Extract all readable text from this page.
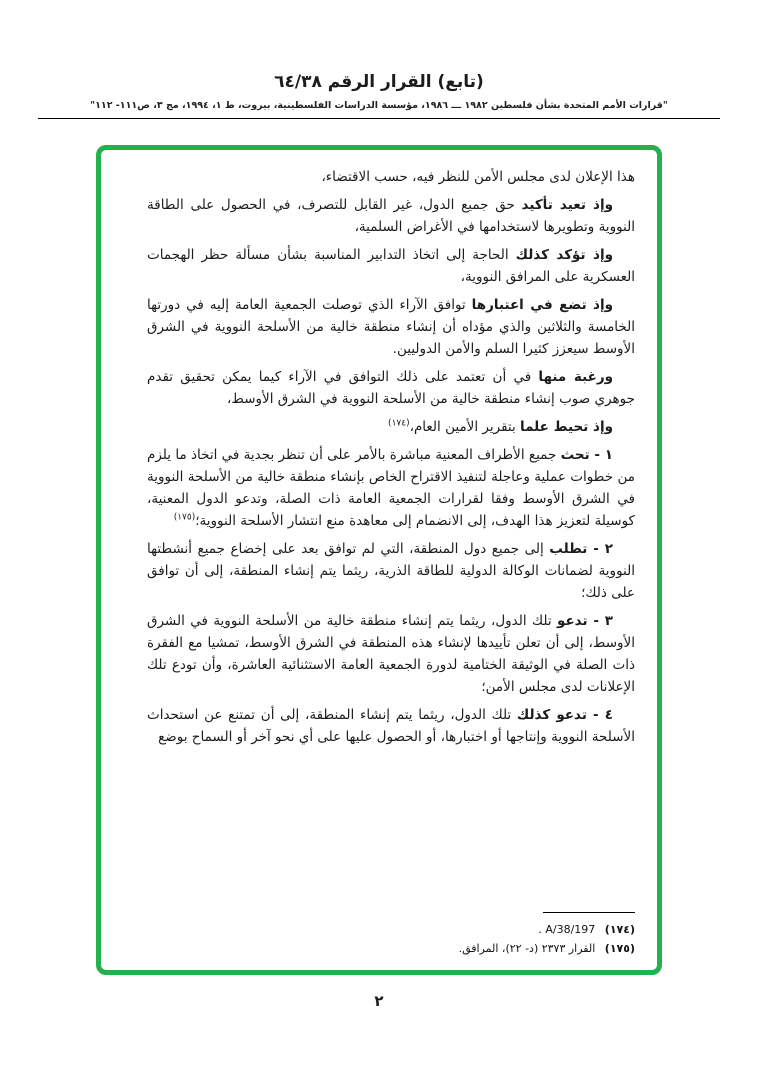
(تابع) القرار الرقم ٦٤/٣٨
"قرارات الأمم المتحدة بشأن فلسطين ١٩٨٢ ـــ ١٩٨٦، مؤسسة الدراسات الفلسطينية، بيروت، ط ١، ١٩٩٤، مج ٣، ص١١١- ١١٢"

هذا الإعلان لدى مجلس الأمن للنظر فيه، حسب الاقتضاء،

وإذ تعيد تأكيد حق جميع الدول، غير القابل للتصرف، في الحصول على الطاقة النووية وتطويرها لاستخدامها في الأغراض السلمية،

وإذ تؤكد كذلك الحاجة إلى اتخاذ التدابير المناسبة بشأن مسألة حظر الهجمات العسكرية على المرافق النووية،

وإذ تضع في اعتبارها توافق الآراء الذي توصلت الجمعية العامة إليه في دورتها الخامسة والثلاثين والذي مؤداه أن إنشاء منطقة خالية من الأسلحة النووية في الشرق الأوسط سيعزز كثيرا السلم والأمن الدوليين.

ورغبة منها في أن تعتمد على ذلك التوافق في الآراء كيما يمكن تحقيق تقدم جوهري صوب إنشاء منطقة خالية من الأسلحة النووية في الشرق الأوسط،

وإذ تحيط علما بتقرير الأمين العام،$^{(١٧٤)}$

١ - تحث جميع الأطراف المعنية مباشرة بالأمر على أن تنظر بجدية في اتخاذ ما يلزم من خطوات عملية وعاجلة لتنفيذ الاقتراح الخاص بإنشاء منطقة خالية من الأسلحة النووية في الشرق الأوسط وفقا لقرارات الجمعية العامة ذات الصلة، وتدعو الدول المعنية، كوسيلة لتعزيز هذا الهدف، إلى الانضمام إلى معاهدة منع انتشار الأسلحة النووية؛$^{(١٧٥)}$

٢ - تطلب إلى جميع دول المنطقة، التي لم توافق بعد على إخضاع جميع أنشطتها النووية لضمانات الوكالة الدولية للطاقة الذرية، ريثما يتم إنشاء المنطقة، إلى أن توافق على ذلك؛

٣ - تدعو تلك الدول، ريثما يتم إنشاء منطقة خالية من الأسلحة النووية في الشرق الأوسط، إلى أن تعلن تأييدها لإنشاء هذه المنطقة في الشرق الأوسط، تمشيا مع الفقرة ذات الصلة في الوثيقة الختامية لدورة الجمعية العامة الاستثنائية العاشرة، وأن تودع تلك الإعلانات لدى مجلس الأمن؛

٤ - تدعو كذلك تلك الدول، ريثما يتم إنشاء المنطقة، إلى أن تمتنع عن استحداث الأسلحة النووية وإنتاجها أو اختبارها، أو الحصول عليها على أي نحو آخر أو السماح بوضع

(١٧٤) A/38/197 .
(١٧٥) القرار ٢٣٧٣ (د- ٢٢)، المرافق.
٢
